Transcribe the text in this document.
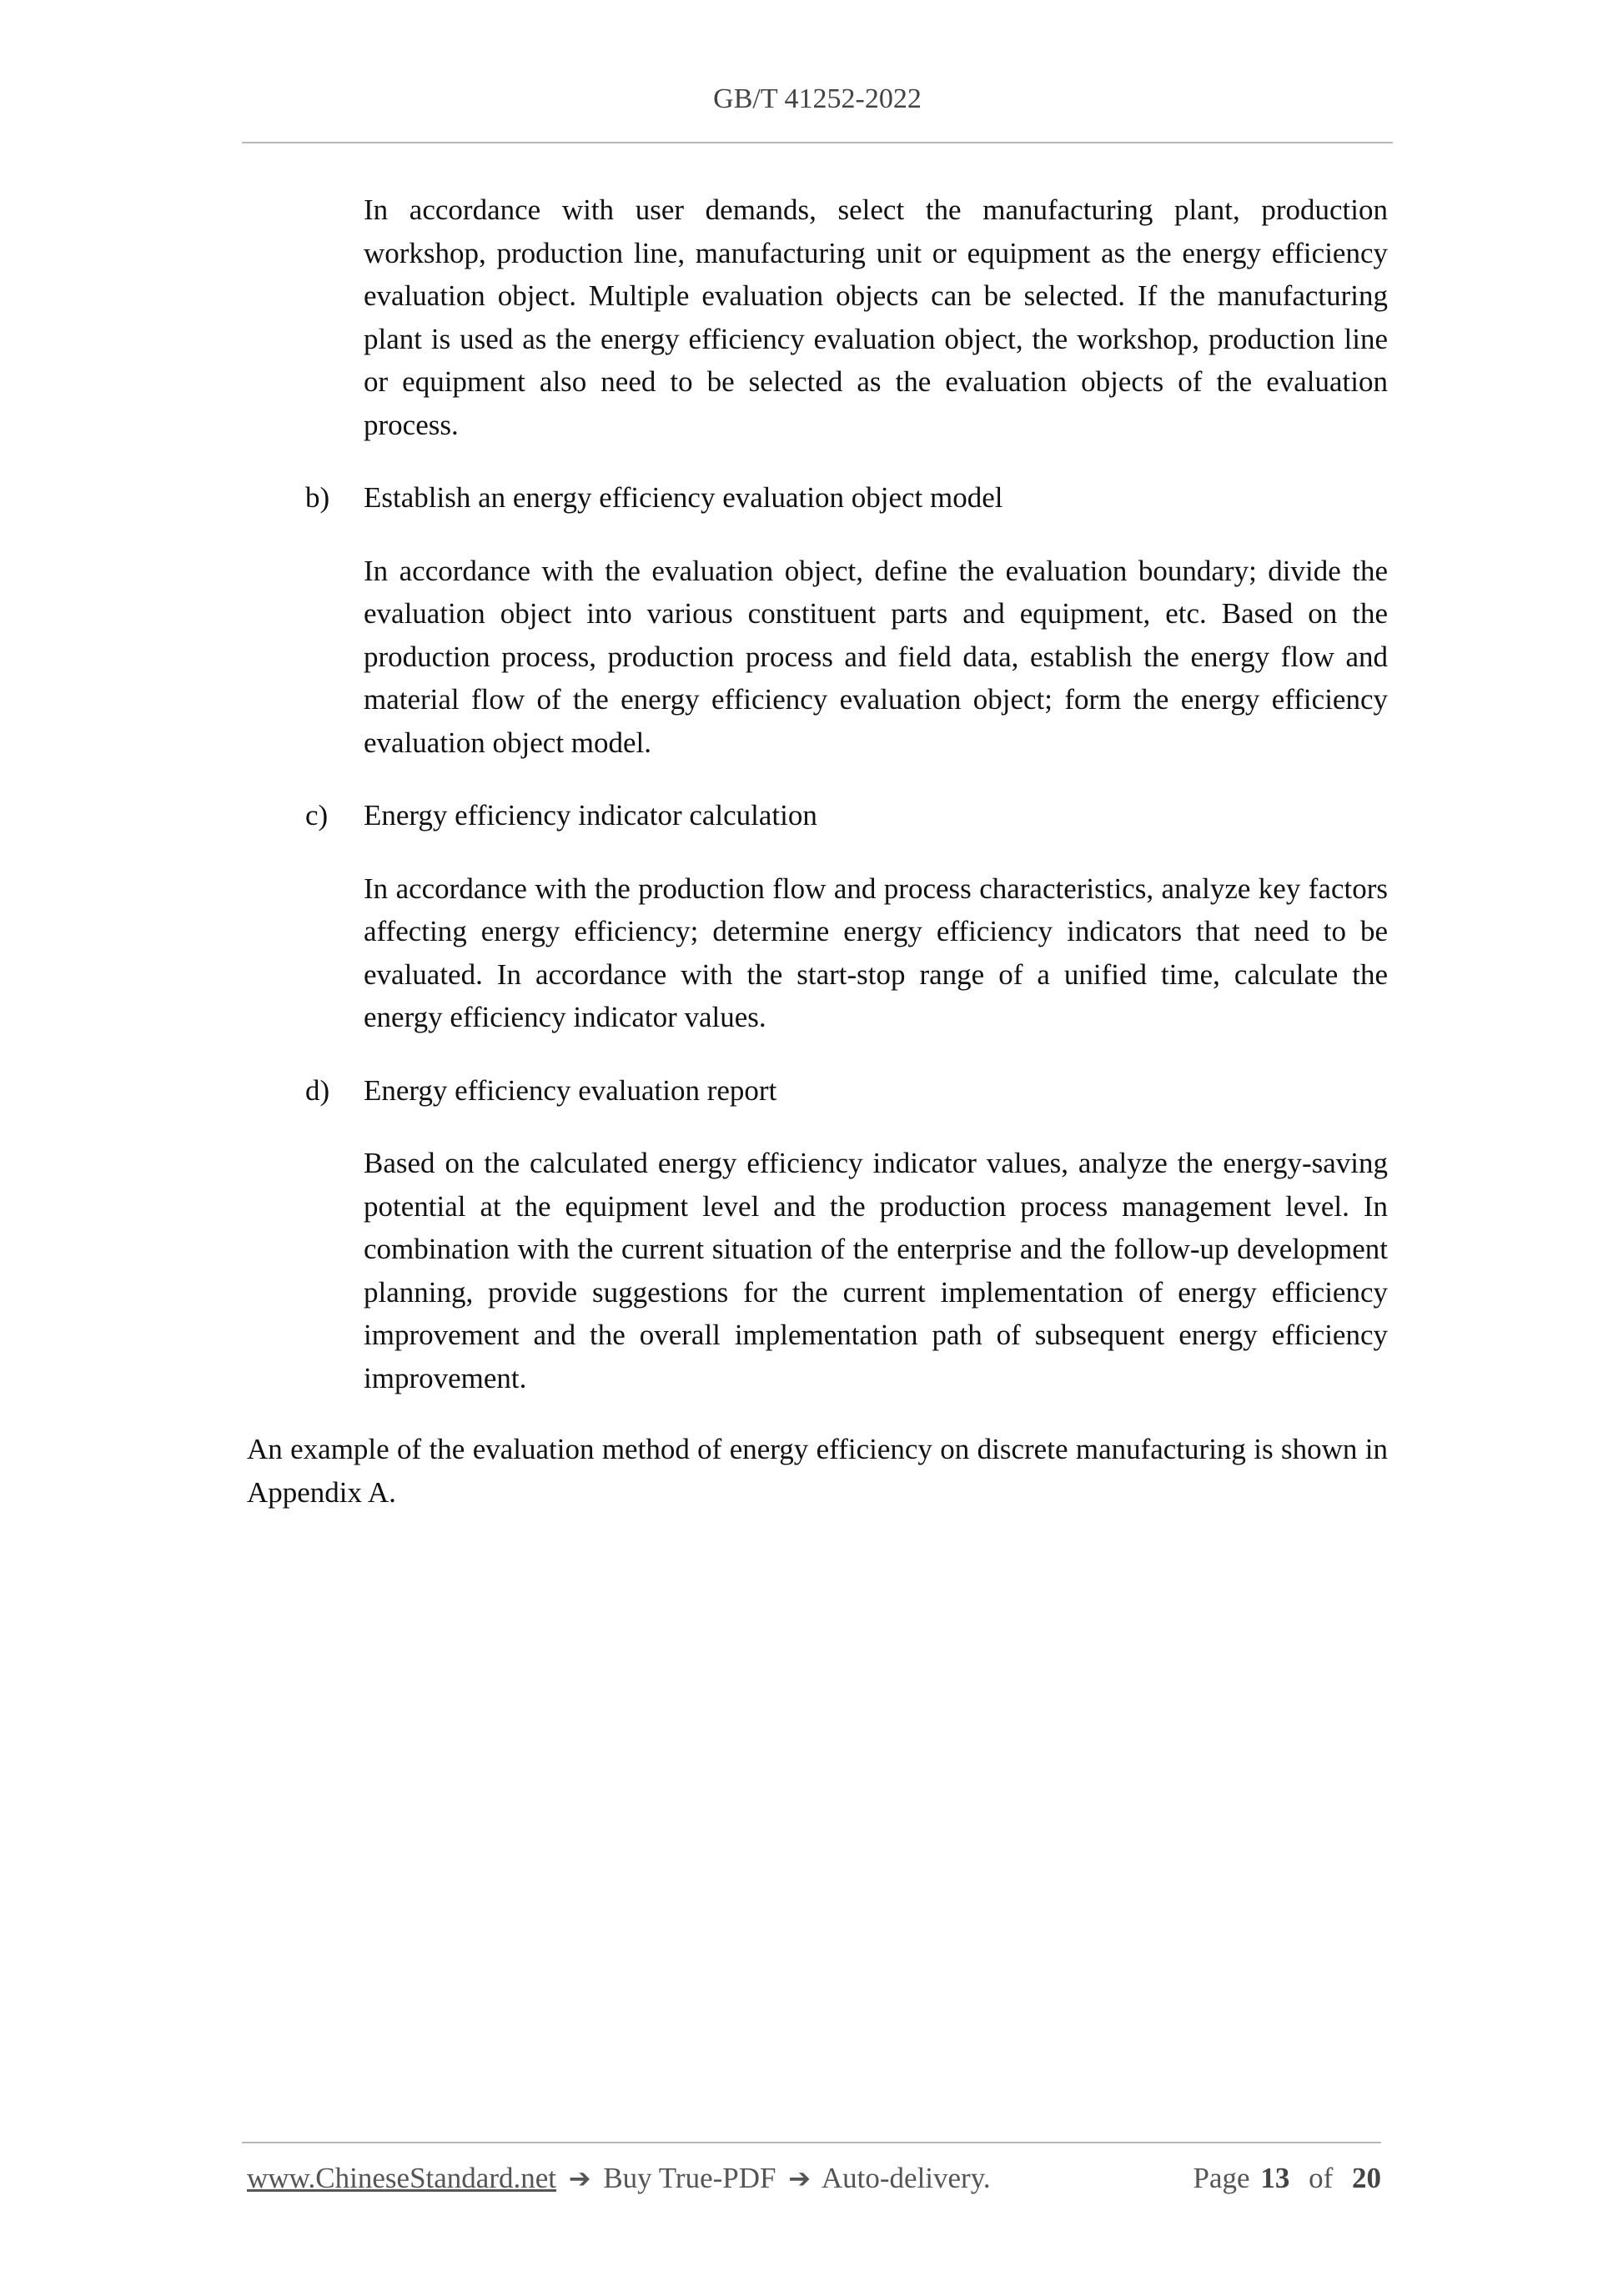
GB/T 41252-2022

In accordance with user demands, select the manufacturing plant, production workshop, production line, manufacturing unit or equipment as the energy efficiency evaluation object. Multiple evaluation objects can be selected. If the manufacturing plant is used as the energy efficiency evaluation object, the workshop, production line or equipment also need to be selected as the evaluation objects of the evaluation process.

b)	Establish an energy efficiency evaluation object model

In accordance with the evaluation object, define the evaluation boundary; divide the evaluation object into various constituent parts and equipment, etc. Based on the production process, production process and field data, establish the energy flow and material flow of the energy efficiency evaluation object; form the energy efficiency evaluation object model.

c)	Energy efficiency indicator calculation

In accordance with the production flow and process characteristics, analyze key factors affecting energy efficiency; determine energy efficiency indicators that need to be evaluated. In accordance with the start-stop range of a unified time, calculate the energy efficiency indicator values.

d)	Energy efficiency evaluation report

Based on the calculated energy efficiency indicator values, analyze the energy-saving potential at the equipment level and the production process management level. In combination with the current situation of the enterprise and the follow-up development planning, provide suggestions for the current implementation of energy efficiency improvement and the overall implementation path of subsequent energy efficiency improvement.

An example of the evaluation method of energy efficiency on discrete manufacturing is shown in Appendix A.

www.ChineseStandard.net ➔ Buy True-PDF ➔ Auto-delivery.	Page 13 of 20
